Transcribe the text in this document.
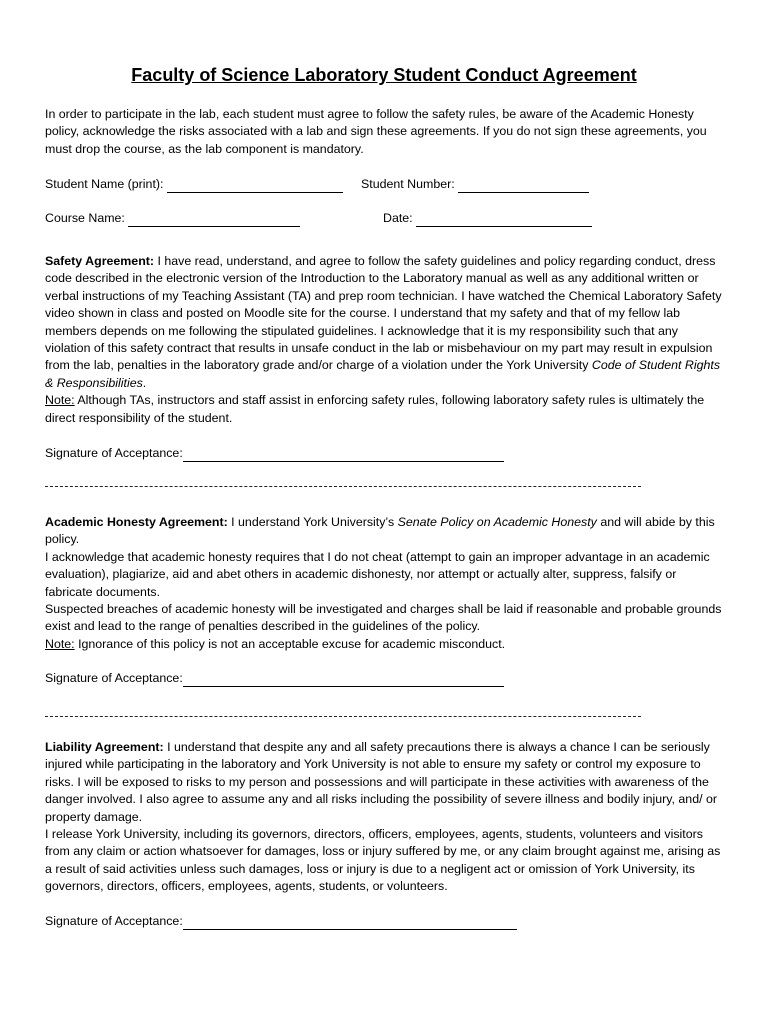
Faculty of Science Laboratory Student Conduct Agreement
In order to participate in the lab, each student must agree to follow the safety rules, be aware of the Academic Honesty policy, acknowledge the risks associated with a lab and sign these agreements. If you do not sign these agreements, you must drop the course, as the lab component is mandatory.
Student Name (print):	Student Number:
Course Name:	Date:

Safety Agreement: I have read, understand, and agree to follow the safety guidelines and policy regarding conduct, dress code described in the electronic version of the Introduction to the Laboratory manual as well as any additional written or verbal instructions of my Teaching Assistant (TA) and prep room technician. I have watched the Chemical Laboratory Safety video shown in class and posted on Moodle site for the course. I understand that my safety and that of my fellow lab members depends on me following the stipulated guidelines. I acknowledge that it is my responsibility such that any violation of this safety contract that results in unsafe conduct in the lab or misbehaviour on my part may result in expulsion from the lab, penalties in the laboratory grade and/or charge of a violation under the York University Code of Student Rights & Responsibilities.

Note: Although TAs, instructors and staff assist in enforcing safety rules, following laboratory safety rules is ultimately the direct responsibility of the student.

Signature of Acceptance:

Academic Honesty Agreement: I understand York University’s Senate Policy on Academic Honesty and will abide by this policy.

I acknowledge that academic honesty requires that I do not cheat (attempt to gain an improper advantage in an academic evaluation), plagiarize, aid and abet others in academic dishonesty, nor attempt or actually alter, suppress, falsify or fabricate documents.

Suspected breaches of academic honesty will be investigated and charges shall be laid if reasonable and probable grounds exist and lead to the range of penalties described in the guidelines of the policy.

Note: Ignorance of this policy is not an acceptable excuse for academic misconduct.

Signature of Acceptance:

Liability Agreement: I understand that despite any and all safety precautions there is always a chance I can be seriously injured while participating in the laboratory and York University is not able to ensure my safety or control my exposure to risks. I will be exposed to risks to my person and possessions and will participate in these activities with awareness of the danger involved. I also agree to assume any and all risks including the possibility of severe illness and bodily injury, and/ or property damage.

I release York University, including its governors, directors, officers, employees, agents, students, volunteers and visitors from any claim or action whatsoever for damages, loss or injury suffered by me, or any claim brought against me, arising as a result of said activities unless such damages, loss or injury is due to a negligent act or omission of York University, its governors, directors, officers, employees, agents, students, or volunteers.

Signature of Acceptance:
